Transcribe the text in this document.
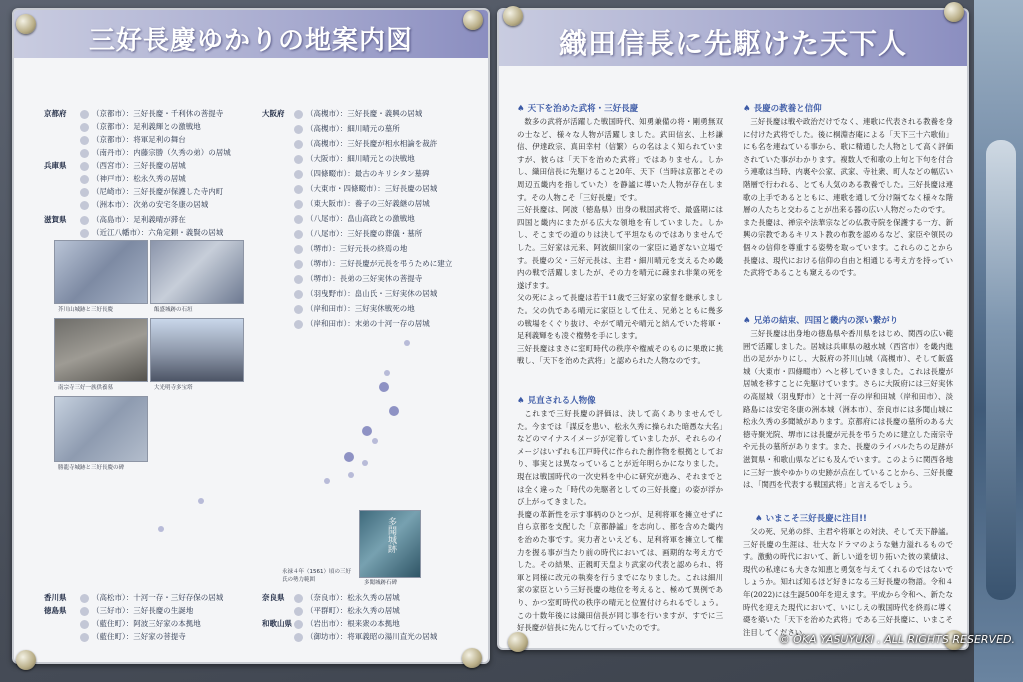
三好長慶ゆかりの地案内図
京都府
兵庫県
滋賀県
大阪府
（京都市）：三好長慶・千利休の菩提寺
（京都市）：足利義輝との激戦地
（京都市）：将軍足利の舞台
（南丹市）：内藤宗勝（久秀の弟）の居城
（西宮市）：三好長慶の居城
（神戸市）：松永久秀の居城
（尼崎市）：三好長慶が保護した寺内町
（洲本市）：次弟の安宅冬康の居城
（高島市）：足利義晴が滞在
（近江八幡市）：六角定頼・義賢の居城
（高槻市）：三好長慶・義興の居城
（高槻市）：細川晴元の墓所
（高槻市）：三好長慶が相水相論を裁許
（大阪市）：細川晴元との決戦地
（四條畷市）：最古のキリシタン墓碑
（大東市・四條畷市）：三好長慶の居城
（東大阪市）：養子の三好義継の居城
（八尾市）：畠山高政との激戦地
（八尾市）：三好長慶の葬儀・墓所
（堺市）：三好元長の終焉の地
（堺市）：三好長慶が元長を弔うために建立
（堺市）：長弟の三好実休の菩提寺
（羽曳野市）：畠山氏・三好実休の居城
（岸和田市）：三好実休戦死の地
（岸和田市）：末弟の十河一存の居城
芥川山城跡と三好長慶	飯盛城跡の石垣
南宗寺三好一族供養墓	大光明寺多宝塔
勝龍寺城跡と三好長慶の碑
永禄４年（1561）頃の三好氏の勢力範囲
多聞城跡
多聞城跡石碑
香川県
徳島県
奈良県
和歌山県
（高松市）：十河一存・三好存保の居城
（三好市）：三好長慶の生誕地
（藍住町）：阿波三好家の本拠地
（藍住町）：三好家の菩提寺
（奈良市）：松永久秀の居城
（平群町）：松永久秀の居城
（岩出市）：根来衆の本拠地
（御坊市）：将軍義昭の湯川直光の居城
織田信長に先駆けた天下人
♠ 天下を治めた武将・三好長慶

数多の武将が活躍した戦国時代、知勇兼備の将・剛勇無双の士など、様々な人物が活躍しました。武田信玄、上杉謙信、伊達政宗、真田幸村（信繁）らの名はよく知られていますが、彼らは「天下を治めた武将」ではありません。しかし、織田信長に先駆けること20年、天下（当時は京都とその周辺五畿内を指していた）を静謐に導いた人物が存在します。その人物こそ「三好長慶」です。
三好長慶は、阿波（徳島県）出身の戦国武将で、最盛期には四国と畿内にまたがる広大な領地を有していました。しかし、そこまでの道のりは決して平坦なものではありませんでした。三好家は元来、阿波細川家の一家臣に過ぎない立場です。長慶の父・三好元長は、主君・細川晴元を支えるため畿内の戦で活躍しましたが、その力を晴元に疎まれ非業の死を遂げます。
父の死によって長慶は若干11歳で三好家の家督を継承しました。父の仇である晴元に家臣として仕え、兄弟とともに幾多の戦場をくぐり抜け、やがて晴元や晴元と結んでいた将軍・足利義輝をも凌ぐ権勢を手にします。
三好長慶はまさに室町時代の秩序や権威そのものに果敢に挑戦し、「天下を治めた武将」と認められた人物なのです。

♠ 見直される人物像

これまで三好長慶の評価は、決して高くありませんでした。今までは「謀反を患い、松永久秀に操られた暗愚な大名」などのマイナスイメージが定着していましたが、それらのイメージはいずれも江戸時代に作られた創作物を根拠としており、事実とは異なっていることが近年明らかになりました。現在は戦国時代の一次史料を中心に研究が進み、それまでとは全く違った「時代の先駆者としての三好長慶」の姿が浮かび上がってきました。
長慶の革新性を示す事柄のひとつが、足利将軍を擁立せずに自ら京都を支配した「京都静謐」を志向し、都を含めた畿内を治めた事です。実力者といえども、足利将軍を擁立して権力を握る事が当たり前の時代においては、画期的な考え方でした。その結果、正親町天皇より武家の代表と認められ、将軍と同様に改元の執奏を行うまでになりました。これは細川家の家臣という三好長慶の地位を考えると、極めて異例であり、かつ室町時代の秩序の晴元と位置付けられるでしょう。この十数年後には織田信長が同じ事を行いますが、すでに三好長慶が信長に先んじて行っていたのです。

♠ 長慶の教養と信仰

三好長慶は戦や政治だけでなく、連歌に代表される教養を身に付けた武将でした。後に桐淵杏庵による「天下三十六歌仙」にも名を連ねている事から、歌に精通した人物として高く評価されていた事がわかります。複数人で和歌の上句と下句を付合う連歌は当時、内裏や公家、武家、寺社衆、町人などの幅広い階層で行われる、とても人気のある教養でした。三好長慶は連歌の上手であるとともに、連歌を通して分け隔てなく様々な階層の人たちと交わることが出来る器の広い人物だったのです。
また長慶は、禅宗や法華宗などの仏教寺院を保護する一方、新興の宗教であるキリスト教の布教を認めるなど、家臣や領民の個々の信仰を尊重する姿勢を取っています。これらのことから長慶は、現代における信仰の自由と相通じる考え方を持っていた武将であることも窺えるのです。

♠ 兄弟の結束、四国と畿内の深い繋がり

三好長慶は出身地の徳島県や香川県をはじめ、関西の広い範囲で活躍しました。居城は兵庫県の越水城（西宮市）を畿内進出の足がかりにし、大阪府の芥川山城（高槻市）、そして飯盛城（大東市・四條畷市）へと移していきました。これは長慶が居城を移すことに先駆けています。さらに大阪府には三好実休の高屋城（羽曳野市）と十河一存の岸和田城（岸和田市）、淡路島には安宅冬康の洲本城（洲本市）、奈良市には多聞山城に松永久秀の多聞城があります。京都府には長慶の墓所のある大徳寺聚光院、堺市には長慶が元長を弔うために建立した南宗寺や元長の墓所があります。また、長慶のライバルたちの足跡が滋賀県・和歌山県などにも及んでいます。このように関西各地に三好一族やゆかりの史跡が点在していることから、三好長慶は、「関西を代表する戦国武将」と言えるでしょう。

♠ いまこそ三好長慶に注目!!

父の死、兄弟の絆、主君や将軍との対決、そして天下静謐。三好長慶の生涯は、壮大なドラマのような魅力溢れるものです。激動の時代において、新しい道を切り拓いた彼の業績は、現代の私達にも大きな知恵と勇気を与えてくれるのではないでしょうか。知れば知るほど好きになる三好長慶の物語。令和４年(2022)には生誕500年を迎えます。平成から令和へ、新たな時代を迎えた現代において、いにしえの戦国時代を終焉に導く礎を築いた「天下を治めた武将」である三好長慶に、いまこそ注目してください。

© OKA YASUYUKI . ALL RIGHTS RESERVED.
